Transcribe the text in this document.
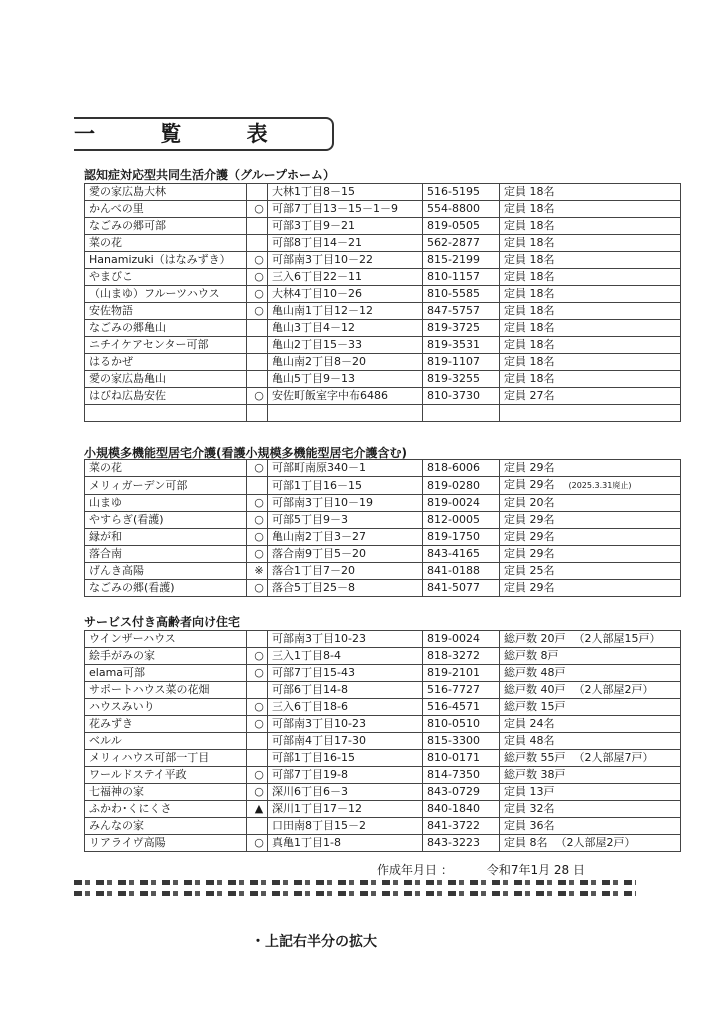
一 覧 表
認知症対応型共同生活介護（グループホーム）
愛の家広島大林		大林1丁目8－15	516-5195	定員 18名
かんべの里	○	可部7丁目13－15－1－9	554-8800	定員 18名
なごみの郷可部		可部3丁目9－21	819-0505	定員 18名
菜の花		可部8丁目14－21	562-2877	定員 18名
Hanamizuki（はなみずき）	○	可部南3丁目10－22	815-2199	定員 18名
やまびこ	○	三入6丁目22－11	810-1157	定員 18名
（山まゆ）フルーツハウス	○	大林4丁目10－26	810-5585	定員 18名
安佐物語	○	亀山南1丁目12－12	847-5757	定員 18名
なごみの郷亀山		亀山3丁目4－12	819-3725	定員 18名
ニチイケアセンター可部		亀山2丁目15－33	819-3531	定員 18名
はるかぜ		亀山南2丁目8－20	819-1107	定員 18名
愛の家広島亀山		亀山5丁目9－13	819-3255	定員 18名
はびね広島安佐	○	安佐町飯室字中布6486	810-3730	定員 27名

小規模多機能型居宅介護(看護小規模多機能型居宅介護含む)
菜の花	○	可部町南原340－1	818-6006	定員 29名
メリィガーデン可部		可部1丁目16－15	819-0280	定員 29名 (2025.3.31廃止)
山まゆ	○	可部南3丁目10－19	819-0024	定員 20名
やすらぎ(看護)	○	可部5丁目9－3	812-0005	定員 29名
縁が和	○	亀山南2丁目3－27	819-1750	定員 29名
落合南	○	落合南9丁目5－20	843-4165	定員 29名
げんき高陽	※	落合1丁目7－20	841-0188	定員 25名
なごみの郷(看護)	○	落合5丁目25－8	841-5077	定員 29名
サービス付き高齢者向け住宅
ウインザーハウス		可部南3丁目10-23	819-0024	総戸数 20戸 （2人部屋15戸）
絵手がみの家	○	三入1丁目8-4	818-3272	総戸数 8戸
elama可部	○	可部7丁目15-43	819-2101	総戸数 48戸
サポートハウス菜の花畑		可部6丁目14-8	516-7727	総戸数 40戸 （2人部屋2戸）
ハウスみいり	○	三入6丁目18-6	516-4571	総戸数 15戸
花みずき	○	可部南3丁目10-23	810-0510	定員 24名
ベルル		可部南4丁目17-30	815-3300	定員 48名
メリィハウス可部一丁目		可部1丁目16-15	810-0171	総戸数 55戸 （2人部屋7戸）
ワールドステイ平政	○	可部7丁目19-8	814-7350	総戸数 38戸
七福神の家	○	深川6丁目6－3	843-0729	定員 13戸
ふかわ･くにくさ	▲	深川1丁目17－12	840-1840	定員 32名
みんなの家		口田南8丁目15－2	841-3722	定員 36名
リアライヴ高陽	○	真亀1丁目1-8	843-3223	定員 8名 （2人部屋2戸）
作成年月日 ：	令和7年1月 28 日
・上記右半分の拡大
